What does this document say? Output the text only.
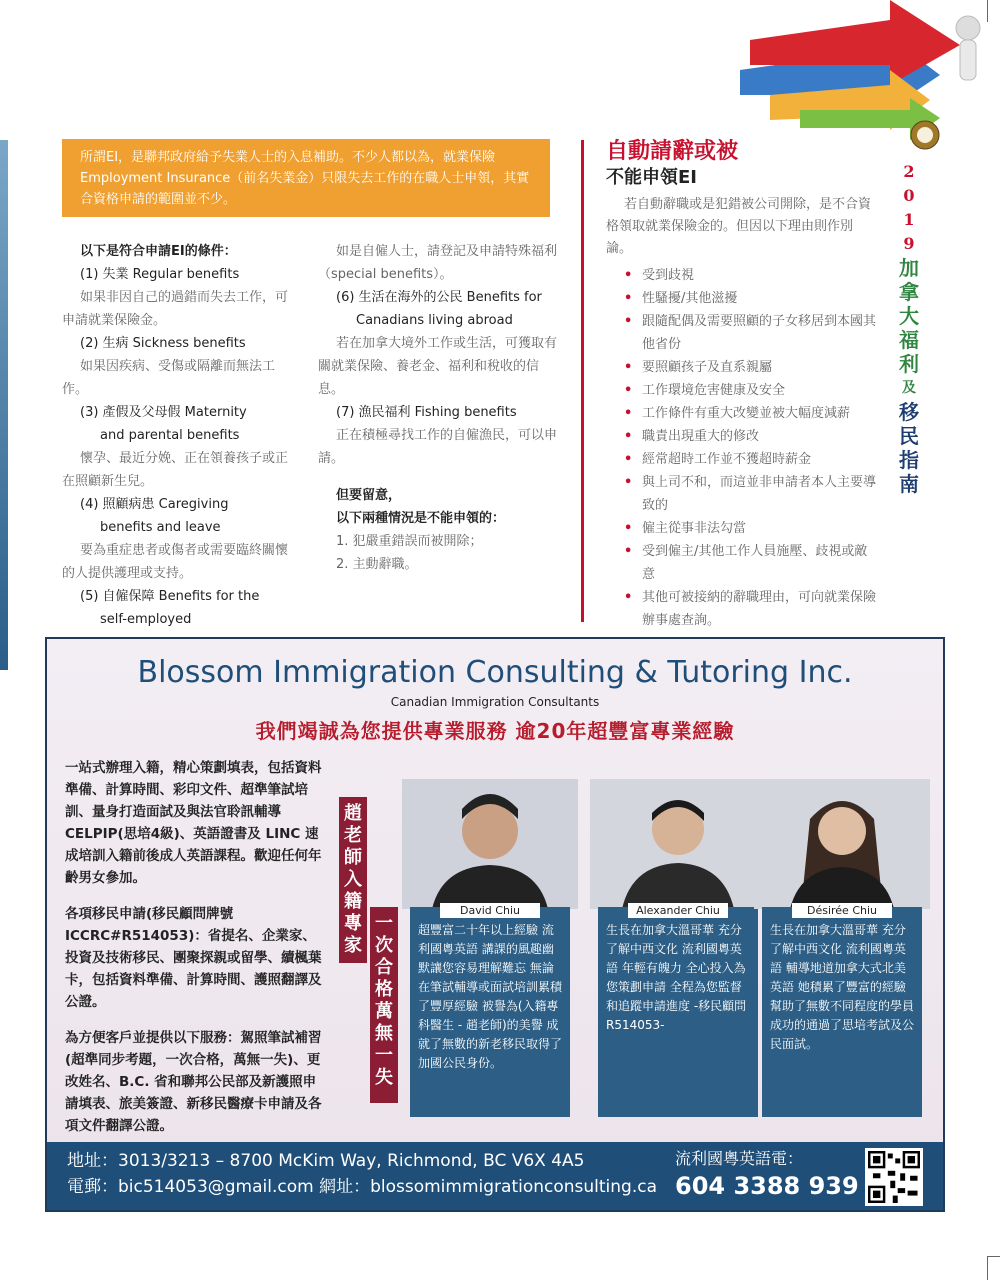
所謂EI，是聯邦政府給予失業人士的入息補助。不少人都以為，就業保險Employment Insurance（前名失業金）只限失去工作的在職人士申領，其實合資格申請的範圍並不少。

以下是符合申請EI的條件：

(1) 失業 Regular benefits

如果非因自己的過錯而失去工作，可申請就業保險金。

(2) 生病 Sickness benefits

如果因疾病、受傷或隔離而無法工作。

(3) 產假及父母假 Maternity

and parental benefits

懷孕、最近分娩、正在領養孩子或正在照顧新生兒。

(4) 照顧病患 Caregiving

benefits and leave

要為重症患者或傷者或需要臨終關懷的人提供護理或支持。

(5) 自僱保障 Benefits for the

self-employed

如是自僱人士，請登記及申請特殊福利（special benefits）。

(6) 生活在海外的公民 Benefits for

Canadians living abroad

若在加拿大境外工作或生活，可獲取有關就業保險、養老金、福利和稅收的信息。

(7) 漁民福利 Fishing benefits

正在積極尋找工作的自僱漁民，可以申請。

但要留意，
以下兩種情況是不能申領的：

1. 犯嚴重錯誤而被開除；

2. 主動辭職。

自動請辭或被
不能申領EI

若自動辭職或是犯錯被公司開除，是不合資格領取就業保險金的。但因以下理由則作別論。

• 受到歧視
• 性騷擾/其他滋擾
• 跟隨配偶及需要照顧的子女移居到本國其他省份
• 要照顧孩子及直系親屬
• 工作環境危害健康及安全
• 工作條件有重大改變並被大幅度減薪
• 職責出現重大的修改
• 經常超時工作並不獲超時薪金
• 與上司不和，而這並非申請者本人主要導致的
• 僱主從事非法勾當
• 受到僱主/其他工作人員施壓、歧視或敵意
• 其他可被接納的辭職理由，可向就業保險辦事處查詢。
2
0
1
9
加
拿
大
福
利
及
移
民
指
南
Blossom Immigration Consulting & Tutoring Inc.
Canadian Immigration Consultants
我們竭誠為您提供專業服務 逾20年超豐富專業經驗

一站式辦理入籍，精心策劃填表，包括資料準備、計算時間、彩印文件、超準筆試培訓、量身打造面試及與法官聆訊輔導 CELPIP(思培4級)、英語證書及 LINC 速成培訓入籍前後成人英語課程。歡迎任何年齡男女參加。

各項移民申請(移民顧問牌號ICCRC#R514053)：省提名、企業家、投資及技術移民、團聚探親或留學、續楓葉卡，包括資料準備、計算時間、護照翻譯及公證。

為方便客戶並提供以下服務：駕照筆試補習(超準同步考題，一次合格，萬無一失)、更改姓名、B.C. 省和聯邦公民部及新護照申請填表、旅美簽證、新移民醫療卡申請及各項文件翻譯公證。

趙
老
師
入
籍
專
家
一
次
合
格
萬
無
一
失
超豐富二十年以上經驗 流利國粵英語 講課的風趣幽默讓您容易理解難忘 無論在筆試輔導或面試培訓累積了豐厚經驗 被譽為(入籍專科醫生 - 趙老師)的美譽 成就了無數的新老移民取得了加國公民身份。
David Chiu
生長在加拿大溫哥華 充分了解中西文化 流利國粵英語 年輕有魄力 全心投入為您策劃申請 全程為您監督和追蹤申請進度 -移民顧問 R514053-
Alexander Chiu
生長在加拿大溫哥華 充分了解中西文化 流利國粵英語 輔導地道加拿大式北美英語 她積累了豐富的經驗幫助了無數不同程度的學員成功的通過了思培考試及公民面試。
Désirée Chiu
地址：3013/3213 – 8700 McKim Way, Richmond, BC V6X 4A5
電郵：bic514053@gmail.com 網址：blossomimmigrationconsulting.ca
流利國粵英語電：
604 3388 939
